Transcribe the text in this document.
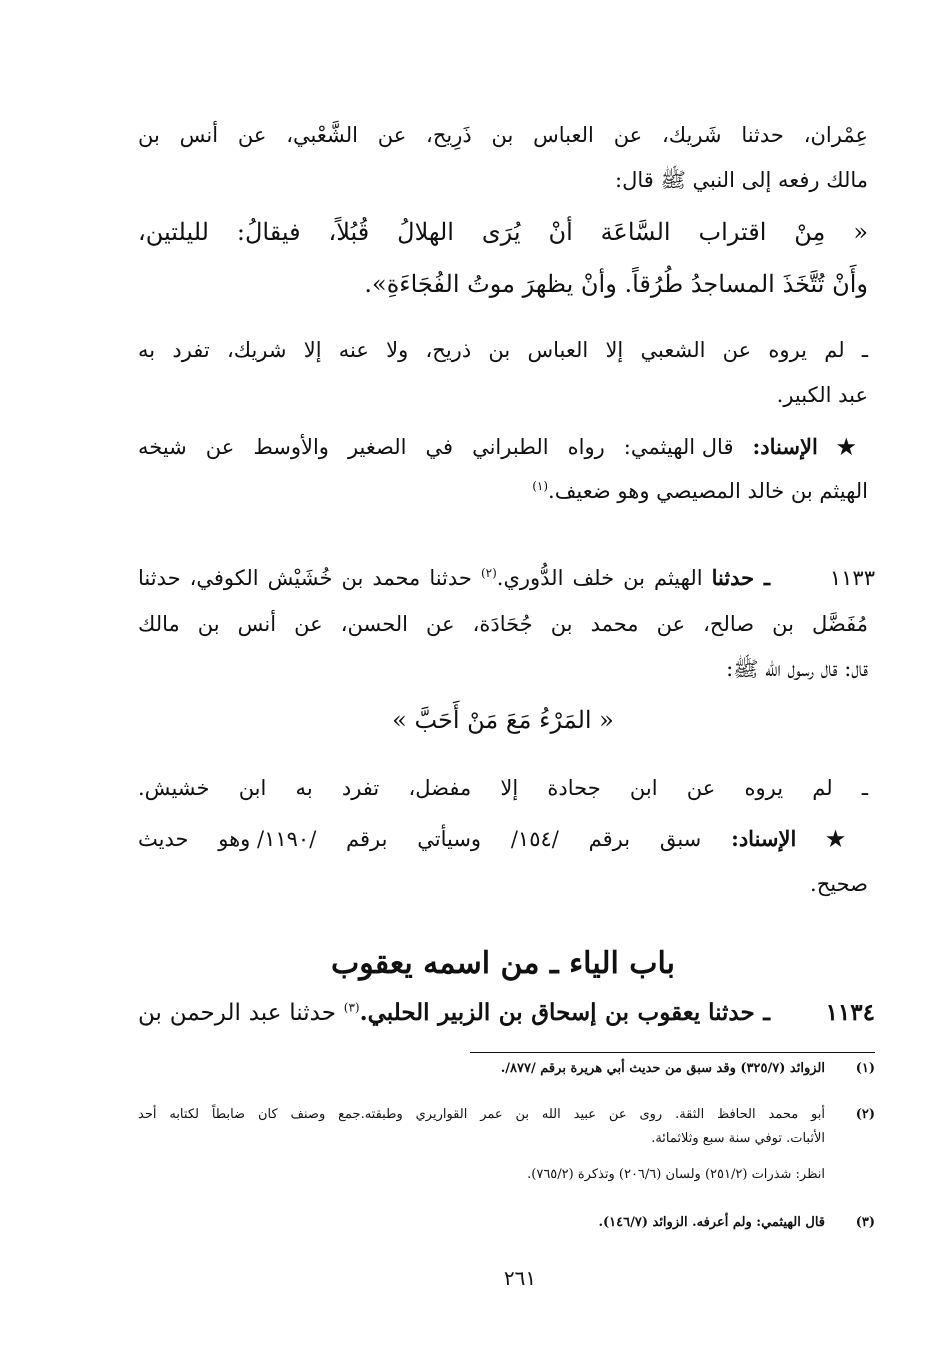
عِمْران، حدثنا شَريك، عن العباس بن ذَرِيح، عن الشَّعْبي، عن أنس بن
مالك رفعه إلى النبي ﷺ قال:
« مِنْ اقتراب السَّاعَة أنْ يُرَى الهلالُ قُبُلاً، فيقالُ: لليلتين،
وأَنْ تُتَّخَذَ المساجدُ طُرُقاً. وأنْ يظهرَ موتُ الفُجَاءَةِ».
ـ لم يروه عن الشعبي إلا العباس بن ذريح، ولا عنه إلا شريك، تفرد به
عبد الكبير.
★ الإسناد: قال الهيثمي: رواه الطبراني في الصغير والأوسط عن شيخه
الهيثم بن خالد المصيصي وهو ضعيف.$^{(١)}$
١١٣٣
ـ حدثنا الهيثم بن خلف الدُّوري.$^{(٢)}$ حدثنا محمد بن خُشَيْش الكوفي، حدثنا
مُفَضَّل بن صالح، عن محمد بن جُحَادَة، عن الحسن، عن أنس بن مالك
قال: قال رسول الله ﷺ:
« المَرْءُ مَعَ مَنْ أَحَبَّ »
ـ لم يروه عن ابن جحادة إلا مفضل، تفرد به ابن خشيش.
★ الإسناد: سبق برقم /١٥٤/ وسيأتي برقم /١١٩٠/ وهو حديث
صحيح.
باب الياء ـ من اسمه يعقوب
١١٣٤
ـ حدثنا يعقوب بن إسحاق بن الزبير الحلبي.$^{(٣)}$ حدثنا عبد الرحمن بن
(١)
الزوائد (٣٢٥/٧) وقد سبق من حديث أبي هريرة برقم /٨٧٧/.
(٢)
أبو محمد الحافظ الثقة. روى عن عبيد الله بن عمر القواريري وطبقته.جمع وصنف كان ضابطاً لكتابه أحد
الأثبات. توفي سنة سبع وثلاثمائة.
انظر: شذرات (٢٥١/٢) ولسان (٢٠٦/٦) وتذكرة (٧٦٥/٢).
(٣)
قال الهيثمي: ولم أعرفه. الزوائد (١٤٦/٧).
٢٦١
